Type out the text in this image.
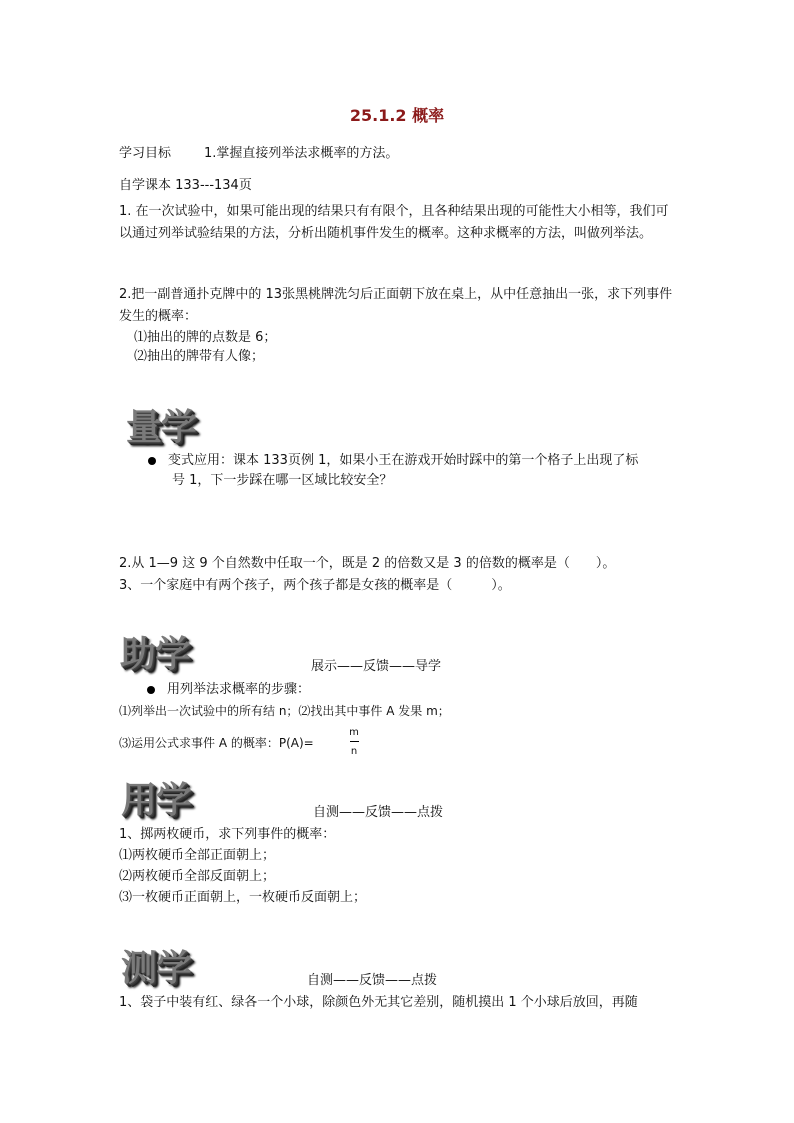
25.1.2 概率
学习目标	1.掌握直接列举法求概率的方法。
自学课本 133---134页
1. 在一次试验中，如果可能出现的结果只有有限个，且各种结果出现的可能性大小相等，我们可以通过列举试验结果的方法，分析出随机事件发生的概率。这种求概率的方法，叫做列举法。
2.把一副普通扑克牌中的 13张黑桃牌洗匀后正面朝下放在桌上，从中任意抽出一张，求下列事件发生的概率：
⑴抽出的牌的点数是 6；
⑵抽出的牌带有人像；
量学
变式应用：课本 133页例 1，如果小王在游戏开始时踩中的第一个格子上出现了标
号 1，下一步踩在哪一区域比较安全？
2.从 1—9 这 9 个自然数中任取一个，既是 2 的倍数又是 3 的倍数的概率是（　　）。
3、一个家庭中有两个孩子，两个孩子都是女孩的概率是（　　　）。
助学	展示——反馈——导学
用列举法求概率的步骤：
⑴列举出一次试验中的所有结 n；⑵找出其中事件 A 发果 m；
⑶运用公式求事件 A 的概率：P(A)=
m
n
用学	自测——反馈——点拨
1、掷两枚硬币，求下列事件的概率：
⑴两枚硬币全部正面朝上；
⑵两枚硬币全部反面朝上；
⑶一枚硬币正面朝上，一枚硬币反面朝上；
测学	自测——反馈——点拨
1、袋子中装有红、绿各一个小球，除颜色外无其它差别，随机摸出 1 个小球后放回，再随
